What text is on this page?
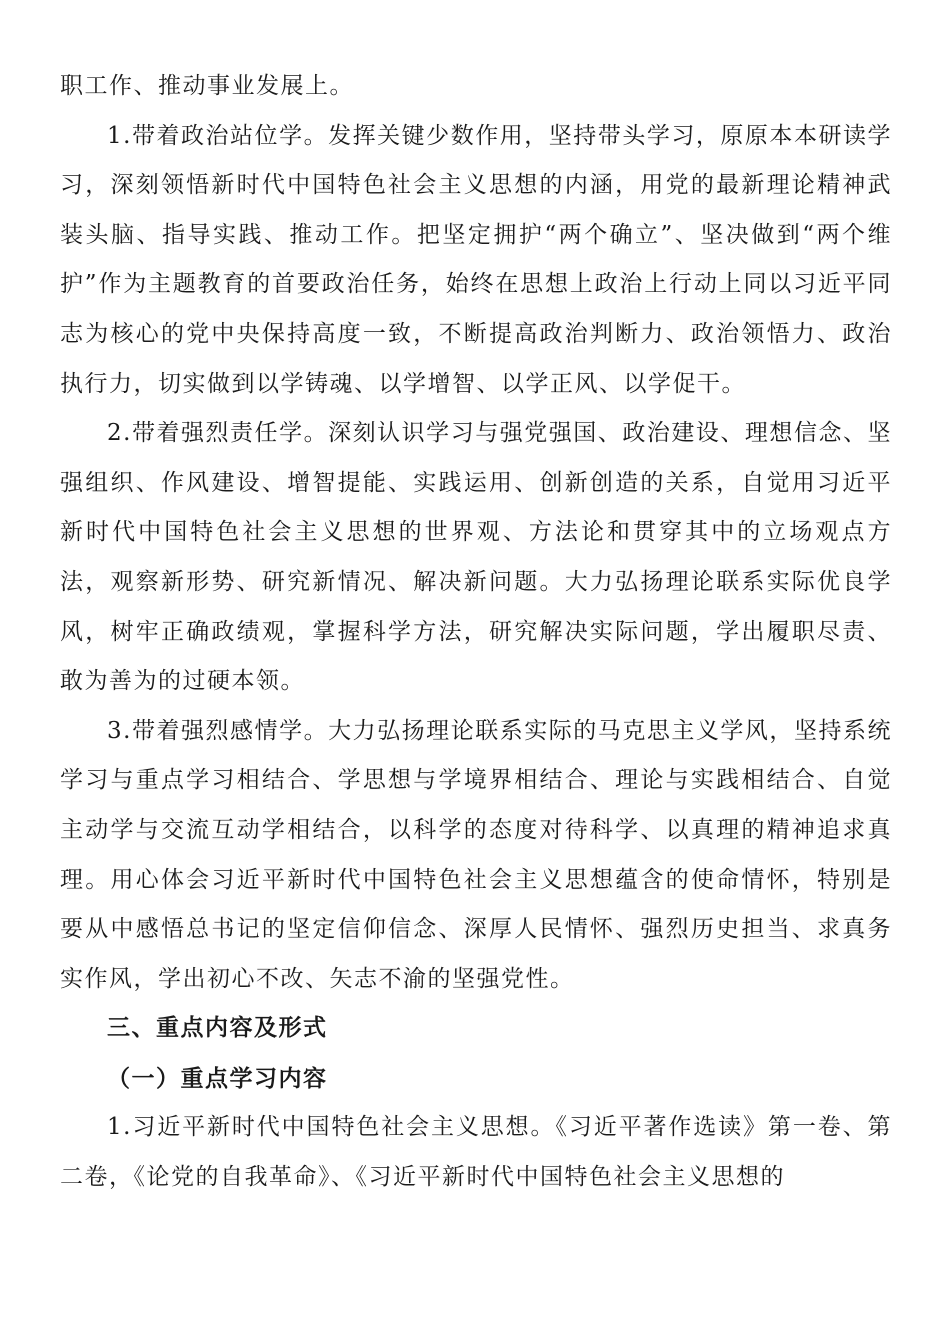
职工作、推动事业发展上。

1.带着政治站位学。发挥关键少数作用，坚持带头学习，原原本本研读学习，深刻领悟新时代中国特色社会主义思想的内涵，用党的最新理论精神武装头脑、指导实践、推动工作。把坚定拥护“两个确立”、坚决做到“两个维护”作为主题教育的首要政治任务，始终在思想上政治上行动上同以习近平同志为核心的党中央保持高度一致，不断提高政治判断力、政治领悟力、政治执行力，切实做到以学铸魂、以学增智、以学正风、以学促干。

2.带着强烈责任学。深刻认识学习与强党强国、政治建设、理想信念、坚强组织、作风建设、增智提能、实践运用、创新创造的关系，自觉用习近平新时代中国特色社会主义思想的世界观、方法论和贯穿其中的立场观点方法，观察新形势、研究新情况、解决新问题。大力弘扬理论联系实际优良学风，树牢正确政绩观，掌握科学方法，研究解决实际问题，学出履职尽责、敢为善为的过硬本领。

3.带着强烈感情学。大力弘扬理论联系实际的马克思主义学风，坚持系统学习与重点学习相结合、学思想与学境界相结合、理论与实践相结合、自觉主动学与交流互动学相结合，以科学的态度对待科学、以真理的精神追求真理。用心体会习近平新时代中国特色社会主义思想蕴含的使命情怀，特别是要从中感悟总书记的坚定信仰信念、深厚人民情怀、强烈历史担当、求真务实作风，学出初心不改、矢志不渝的坚强党性。

三、重点内容及形式

（一）重点学习内容

1.习近平新时代中国特色社会主义思想。《习近平著作选读》第一卷、第二卷，《论党的自我革命》、《习近平新时代中国特色社会主义思想的
